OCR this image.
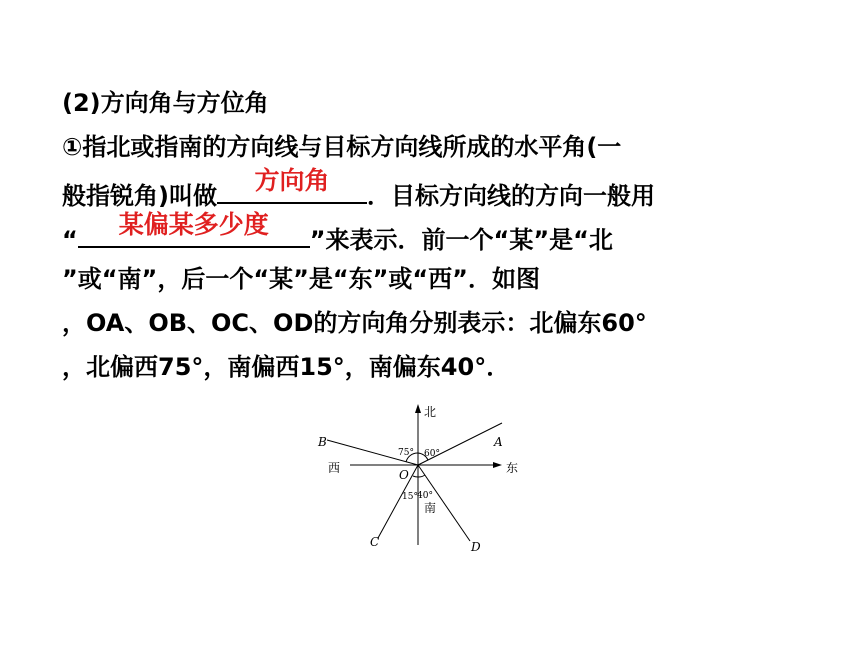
(2)方向角与方位角
①指北或指南的方向线与目标方向线所成的水平角(一
般指锐角)叫做
方向角
．目标方向线的方向一般用
“
某偏某多少度
”来表示．前一个“某”是“北
”或“南”，后一个“某”是“东”或“西”．如图
，OA、OB、OC、OD的方向角分别表示：北偏东60°
，北偏西75°，南偏西15°，南偏东40°．
北
南
东
西	O
A
B
C	D
75° 60°
15° 40°
